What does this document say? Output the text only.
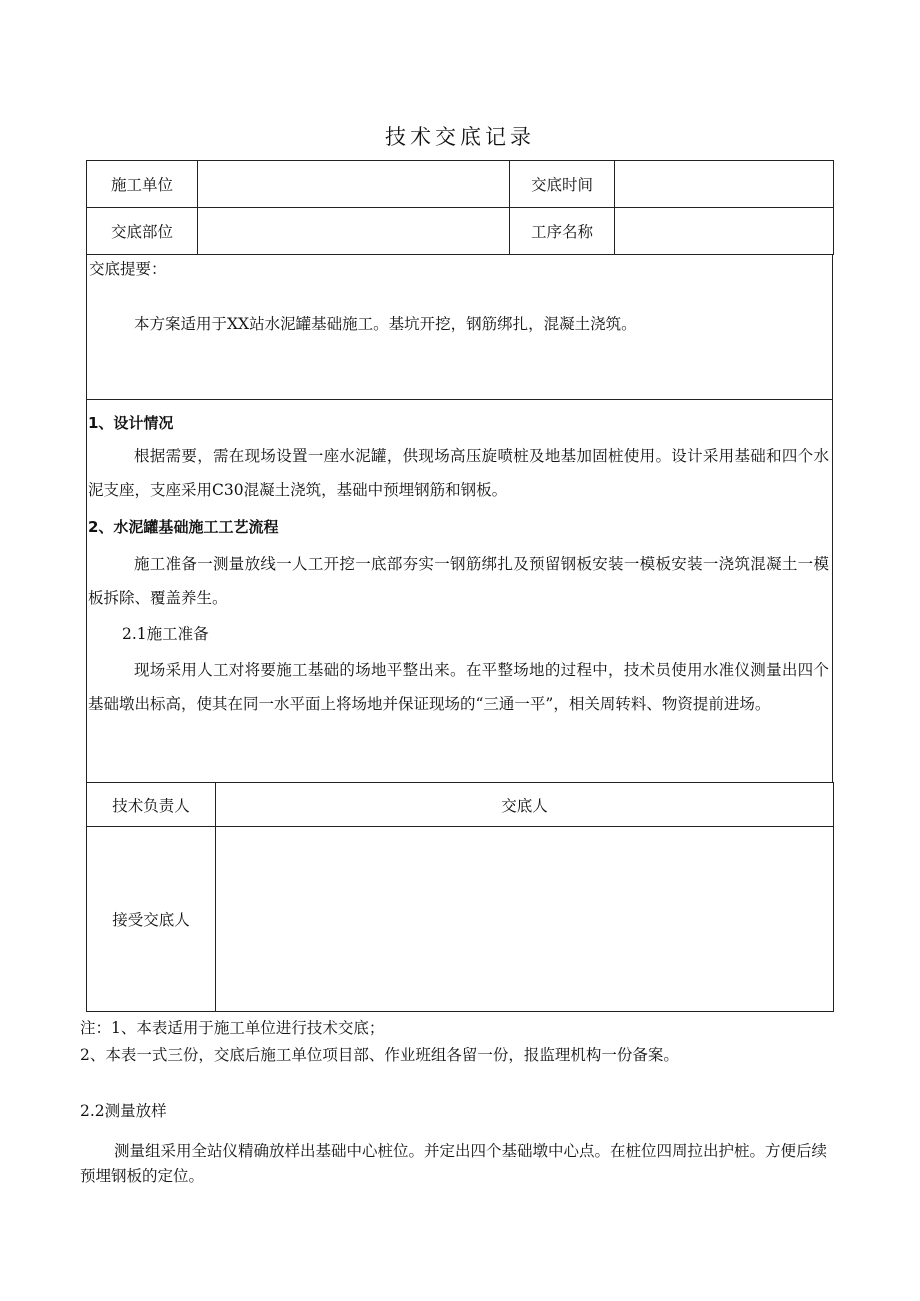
技术交底记录
施工单位		交底时间	
交底部位		工序名称	
交底提要：
本方案适用于XX站水泥罐基础施工。基坑开挖，钢筋绑扎，混凝土浇筑。

1、设计情况

根据需要，需在现场设置一座水泥罐，供现场高压旋喷桩及地基加固桩使用。设计采用基础和四个水泥支座，支座采用C30混凝土浇筑，基础中预埋钢筋和钢板。

2、水泥罐基础施工工艺流程

施工准备一测量放线一人工开挖一底部夯实一钢筋绑扎及预留钢板安装一模板安装一浇筑混凝土一模板拆除、覆盖养生。

2.1施工准备

现场采用人工对将要施工基础的场地平整出来。在平整场地的过程中，技术员使用水准仪测量出四个基础墩出标高，使其在同一水平面上将场地并保证现场的“三通一平”，相关周转料、物资提前进场。

技术负责人	交底人
接受交底人	
注：1、本表适用于施工单位进行技术交底；
2、本表一式三份，交底后施工单位项目部、作业班组各留一份，报监理机构一份备案。
2.2测量放样
测量组采用全站仪精确放样出基础中心桩位。并定出四个基础墩中心点。在桩位四周拉出护桩。方便后续预埋钢板的定位。
